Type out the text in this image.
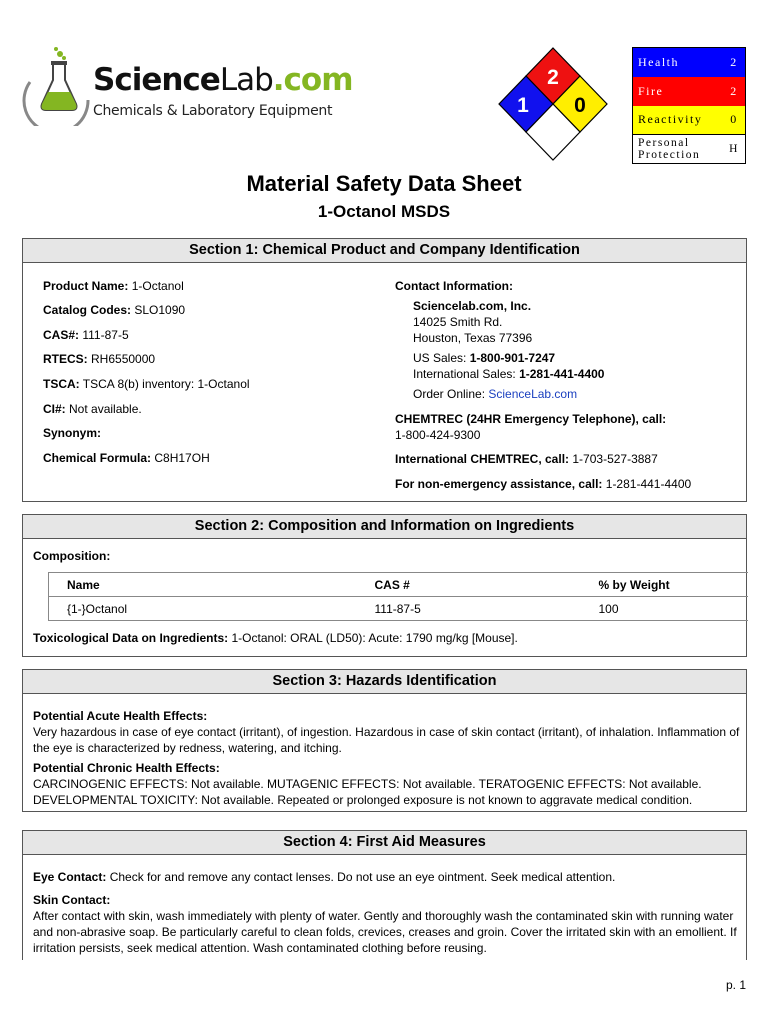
ScienceLab.com
Chemicals & Laboratory Equipment
2
1 0
Health	2
Fire	2
Reactivity	0
Personal
Protection	H
Material Safety Data Sheet
1-Octanol MSDS
Section 1: Chemical Product and Company Identification
Product Name: 1-Octanol
Catalog Codes: SLO1090
CAS#: 111-87-5
RTECS: RH6550000
TSCA: TSCA 8(b) inventory: 1-Octanol
CI#: Not available.
Synonym:
Chemical Formula: C8H17OH
Contact Information:
Sciencelab.com, Inc.
14025 Smith Rd.
Houston, Texas 77396
US Sales: 1-800-901-7247
International Sales: 1-281-441-4400
Order Online: ScienceLab.com
CHEMTREC (24HR Emergency Telephone), call:
1-800-424-9300
International CHEMTREC, call: 1-703-527-3887
For non-emergency assistance, call: 1-281-441-4400
Section 2: Composition and Information on Ingredients
Composition:
Name	CAS #	% by Weight
{1-}Octanol	111-87-5	100
Toxicological Data on Ingredients: 1-Octanol: ORAL (LD50): Acute: 1790 mg/kg [Mouse].
Section 3: Hazards Identification

Potential Acute Health Effects:
Very hazardous in case of eye contact (irritant), of ingestion. Hazardous in case of skin contact (irritant), of inhalation. Inflammation of the eye is characterized by redness, watering, and itching.

Potential Chronic Health Effects:
CARCINOGENIC EFFECTS: Not available. MUTAGENIC EFFECTS: Not available. TERATOGENIC EFFECTS: Not available. DEVELOPMENTAL TOXICITY: Not available. Repeated or prolonged exposure is not known to aggravate medical condition.

Section 4: First Aid Measures

Eye Contact: Check for and remove any contact lenses. Do not use an eye ointment. Seek medical attention.

Skin Contact:
After contact with skin, wash immediately with plenty of water. Gently and thoroughly wash the contaminated skin with running water and non-abrasive soap. Be particularly careful to clean folds, crevices, creases and groin. Cover the irritated skin with an emollient. If irritation persists, seek medical attention. Wash contaminated clothing before reusing.

p. 1
